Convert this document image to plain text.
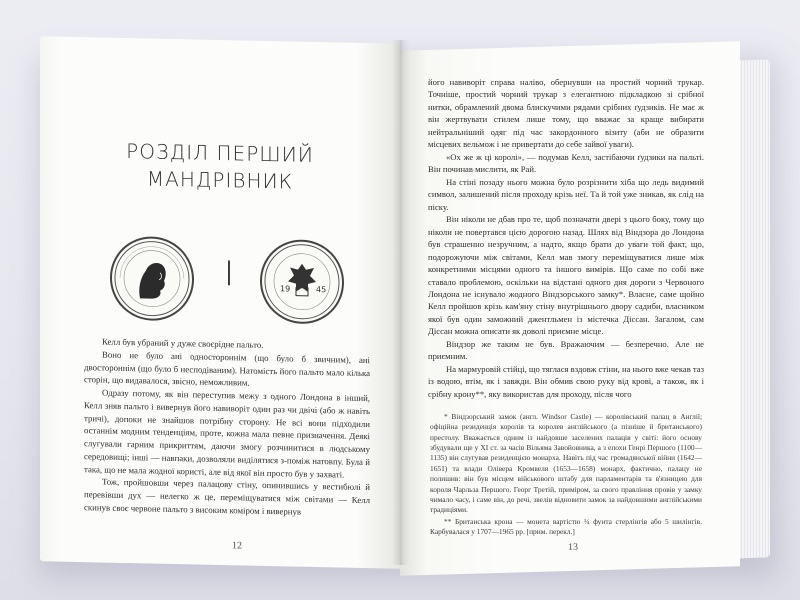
РОЗДІЛ ПЕРШИЙ
МАНДРІВНИК
І	19	45

Келл був убраний у дуже своєрідне пальто.

Воно не було ані одностороннім (що було б звичним), ані двостороннім (що було б несподіваним). Натомість його пальто мало кілька сторін, що видавалося, звісно, неможливим.

Одразу потому, як він переступив межу з одного Лондона в інший, Келл зняв пальто і вивернув його навиворіт один раз чи двічі (або ж навіть тричі), допоки не знайшов потрібну сторону. Не всі вони підходили останнім модним тенденціям, проте, кожна мала певне призначення. Деякі слугували гарним прикриттям, даючи змогу розчинитися в людському середовищі; інші — навпаки, дозволяли виділятися з-поміж натовпу. Була й така, що не мала жодної користі, але від якої він просто був у захваті.

Тож, пройшовши через палацову стіну, опинившись у вестибюлі й перевівши дух — нелегко ж це, переміщуватися між світами — Келл скинув своє червоне пальто з високим коміром і вивернув

12	13

його навиворіт справа наліво, обернувши на простий чорний трукар. Точніше, простий чорний трукар з елегантною підкладкою зі срібної нитки, обрамлений двома блискучими рядами срібних ґудзиків. Не має ж він жертвувати стилем лише тому, що вважає за краще вибирати нейтральніший одяг під час закордонного візиту (аби не образити місцевих вельмож і не привертати до себе зайвої уваги).

«Ох же ж ці королі», — подумав Келл, застібаючи ґудзики на пальті. Він починав мислити, як Рай.

На стіні позаду нього можна було розрізнити хіба що ледь видимий символ, залишений після проходу крізь неї. Та й той уже зникав, як слід на піску.

Він ніколи не дбав про те, щоб позначати двері з цього боку, тому що ніколи не повертався цією дорогою назад. Шлях від Віндзора до Лондона був страшенно незручним, а надто, якщо брати до уваги той факт, що, подорожуючи між світами, Келл мав змогу переміщуватися лише між конкретними місцями одного та іншого вимірів. Що саме по собі вже ставало проблемою, оскільки на відстані одного дня дороги з Червоного Лондона не існувало жодного Віндзорського замку*. Власне, саме щойно Келл пройшов крізь кам'яну стіну внутрішнього двору садиби, власником якої був один заможний джентльмен із містечка Діссан. Загалом, сам Діссан можна описати як доволі приємне місце.

Віндзор же таким не був. Вражаючим — безперечно. Але не приємним.

На мармуровій стійці, що тяглася вздовж стіни, на нього вже чекав таз із водою, втім, як і завжди. Він обмив свою руку від крові, а також, як і срібну крону**, яку використав для проходу, після чого

* Віндзорський замок (англ. Windsor Castle) — королівський палац в Англії; офіційна резиденція королів та королев англійського (а пізніше й британського) престолу. Вважається одним із найдовше заселених палаців у світі: його основу збудували ще у XI ст. за часів Вільяма Завойовника, а з епохи Генрі Першого (1100—1135) він слугував резиденцією монарха. Навіть під час громадянської війни (1642—1651) та влади Олівера Кромвеля (1653—1658) монарх, фактично, палацу не полишив: він був місцем військового штабу для парламентарів та в'язницею для короля Чарльза Першого. Георг Третій, приміром, за свого правління провів у замку чимало часу, і саме він, до речі, звелів відновити замок за найдовшими англійськими традиціями.

** Британська крона — монета вартістю ¼ фунта стерлінгів або 5 шилінгів. Карбувалася у 1707—1965 рр. [прим. перекл.]
